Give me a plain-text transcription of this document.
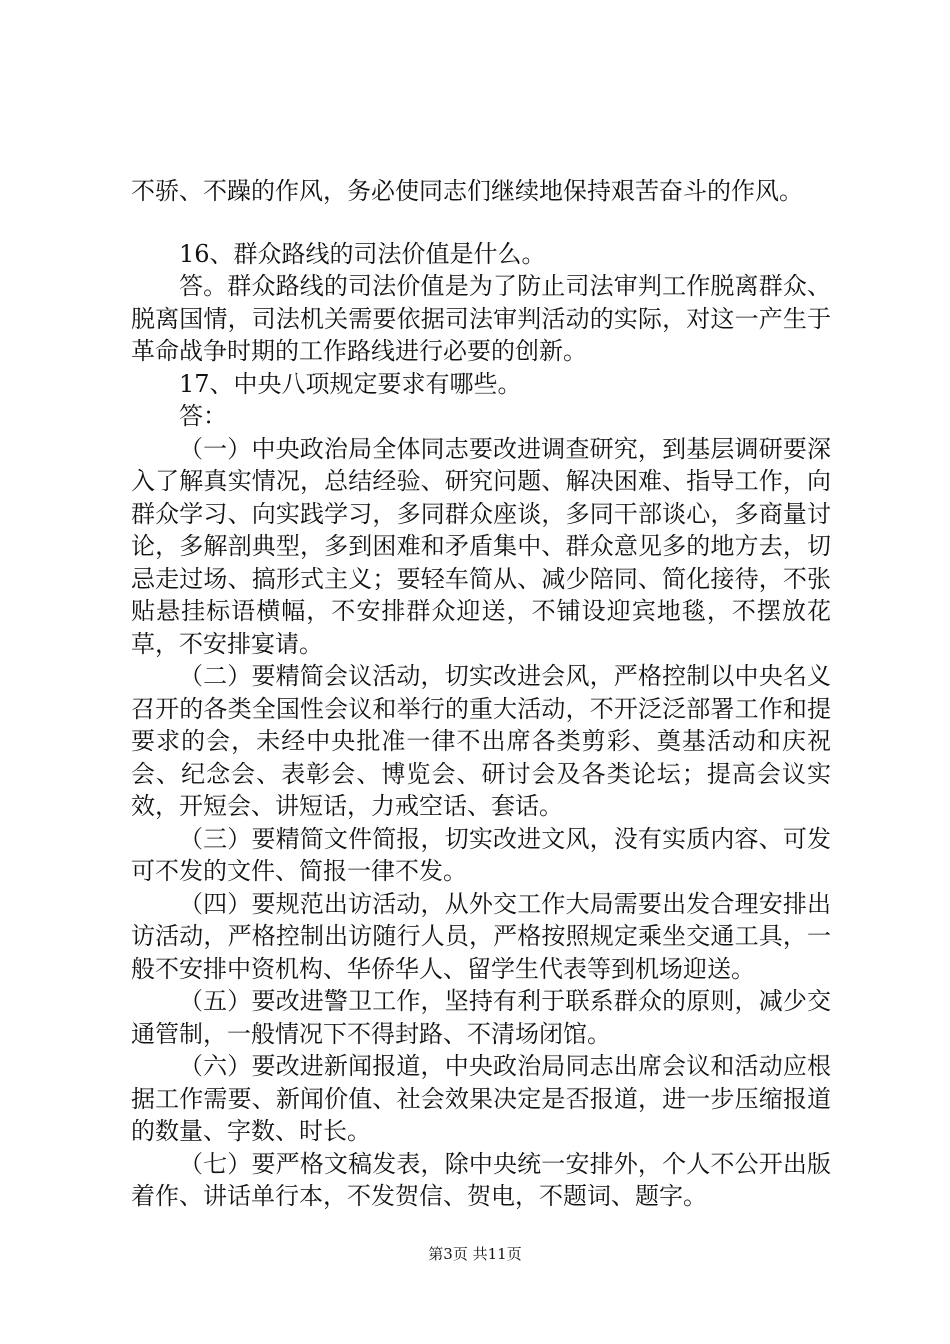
不骄、不躁的作风，务必使同志们继续地保持艰苦奋斗的作风。

16、群众路线的司法价值是什么。

答。群众路线的司法价值是为了防止司法审判工作脱离群众、脱离国情，司法机关需要依据司法审判活动的实际，对这一产生于革命战争时期的工作路线进行必要的创新。

17、中央八项规定要求有哪些。

答：

（一）中央政治局全体同志要改进调查研究，到基层调研要深入了解真实情况，总结经验、研究问题、解决困难、指导工作，向群众学习、向实践学习，多同群众座谈，多同干部谈心，多商量讨论，多解剖典型，多到困难和矛盾集中、群众意见多的地方去，切忌走过场、搞形式主义；要轻车简从、减少陪同、简化接待，不张贴悬挂标语横幅，不安排群众迎送，不铺设迎宾地毯，不摆放花草，不安排宴请。

（二）要精简会议活动，切实改进会风，严格控制以中央名义召开的各类全国性会议和举行的重大活动，不开泛泛部署工作和提要求的会，未经中央批准一律不出席各类剪彩、奠基活动和庆祝会、纪念会、表彰会、博览会、研讨会及各类论坛；提高会议实效，开短会、讲短话，力戒空话、套话。

（三）要精简文件简报，切实改进文风，没有实质内容、可发可不发的文件、简报一律不发。

（四）要规范出访活动，从外交工作大局需要出发合理安排出访活动，严格控制出访随行人员，严格按照规定乘坐交通工具，一般不安排中资机构、华侨华人、留学生代表等到机场迎送。

（五）要改进警卫工作，坚持有利于联系群众的原则，减少交通管制，一般情况下不得封路、不清场闭馆。

（六）要改进新闻报道，中央政治局同志出席会议和活动应根据工作需要、新闻价值、社会效果决定是否报道，进一步压缩报道的数量、字数、时长。

（七）要严格文稿发表，除中央统一安排外，个人不公开出版着作、讲话单行本，不发贺信、贺电，不题词、题字。

第3页 共11页
